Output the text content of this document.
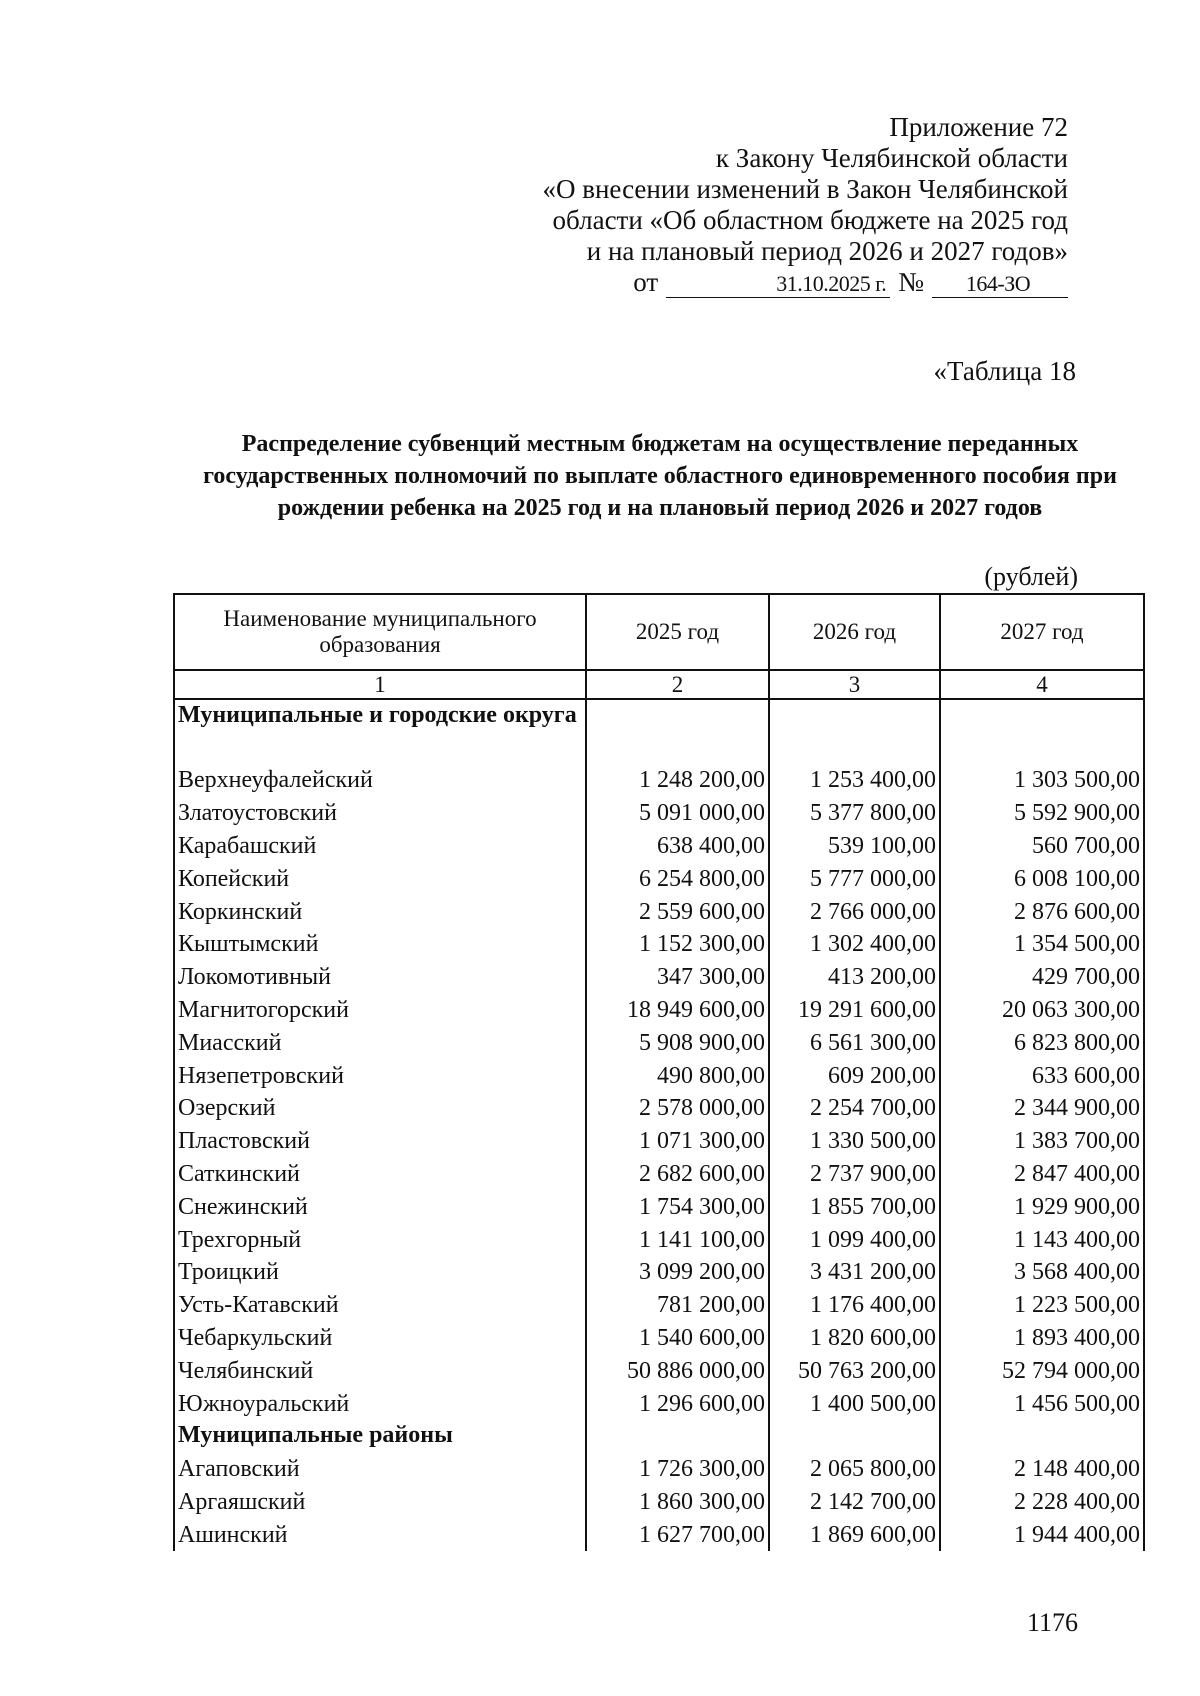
Приложение 72
к Закону Челябинской области
«О внесении изменений в Закон Челябинской
области «Об областном бюджете на 2025 год
и на плановый период 2026 и 2027 годов»
от	31.10.2025 г. №	164-ЗО
«Таблица 18
Распределение субвенций местным бюджетам на осуществление переданных государственных полномочий по выплате областного единовременного пособия при рождении ребенка на 2025 год и на плановый период 2026 и 2027 годов
(рублей)
Наименование муниципального образования	2025 год	2026 год	2027 год
1	2	3	4
Муниципальные и городские округа			
Верхнеуфалейский	1 248 200,00	1 253 400,00	1 303 500,00
Златоустовский	5 091 000,00	5 377 800,00	5 592 900,00
Карабашский	638 400,00	539 100,00	560 700,00
Копейский	6 254 800,00	5 777 000,00	6 008 100,00
Коркинский	2 559 600,00	2 766 000,00	2 876 600,00
Кыштымский	1 152 300,00	1 302 400,00	1 354 500,00
Локомотивный	347 300,00	413 200,00	429 700,00
Магнитогорский	18 949 600,00	19 291 600,00	20 063 300,00
Миасский	5 908 900,00	6 561 300,00	6 823 800,00
Нязепетровский	490 800,00	609 200,00	633 600,00
Озерский	2 578 000,00	2 254 700,00	2 344 900,00
Пластовский	1 071 300,00	1 330 500,00	1 383 700,00
Саткинский	2 682 600,00	2 737 900,00	2 847 400,00
Снежинский	1 754 300,00	1 855 700,00	1 929 900,00
Трехгорный	1 141 100,00	1 099 400,00	1 143 400,00
Троицкий	3 099 200,00	3 431 200,00	3 568 400,00
Усть-Катавский	781 200,00	1 176 400,00	1 223 500,00
Чебаркульский	1 540 600,00	1 820 600,00	1 893 400,00
Челябинский	50 886 000,00	50 763 200,00	52 794 000,00
Южноуральский	1 296 600,00	1 400 500,00	1 456 500,00
Муниципальные районы			
Агаповский	1 726 300,00	2 065 800,00	2 148 400,00
Аргаяшский	1 860 300,00	2 142 700,00	2 228 400,00
Ашинский	1 627 700,00	1 869 600,00	1 944 400,00
1176
